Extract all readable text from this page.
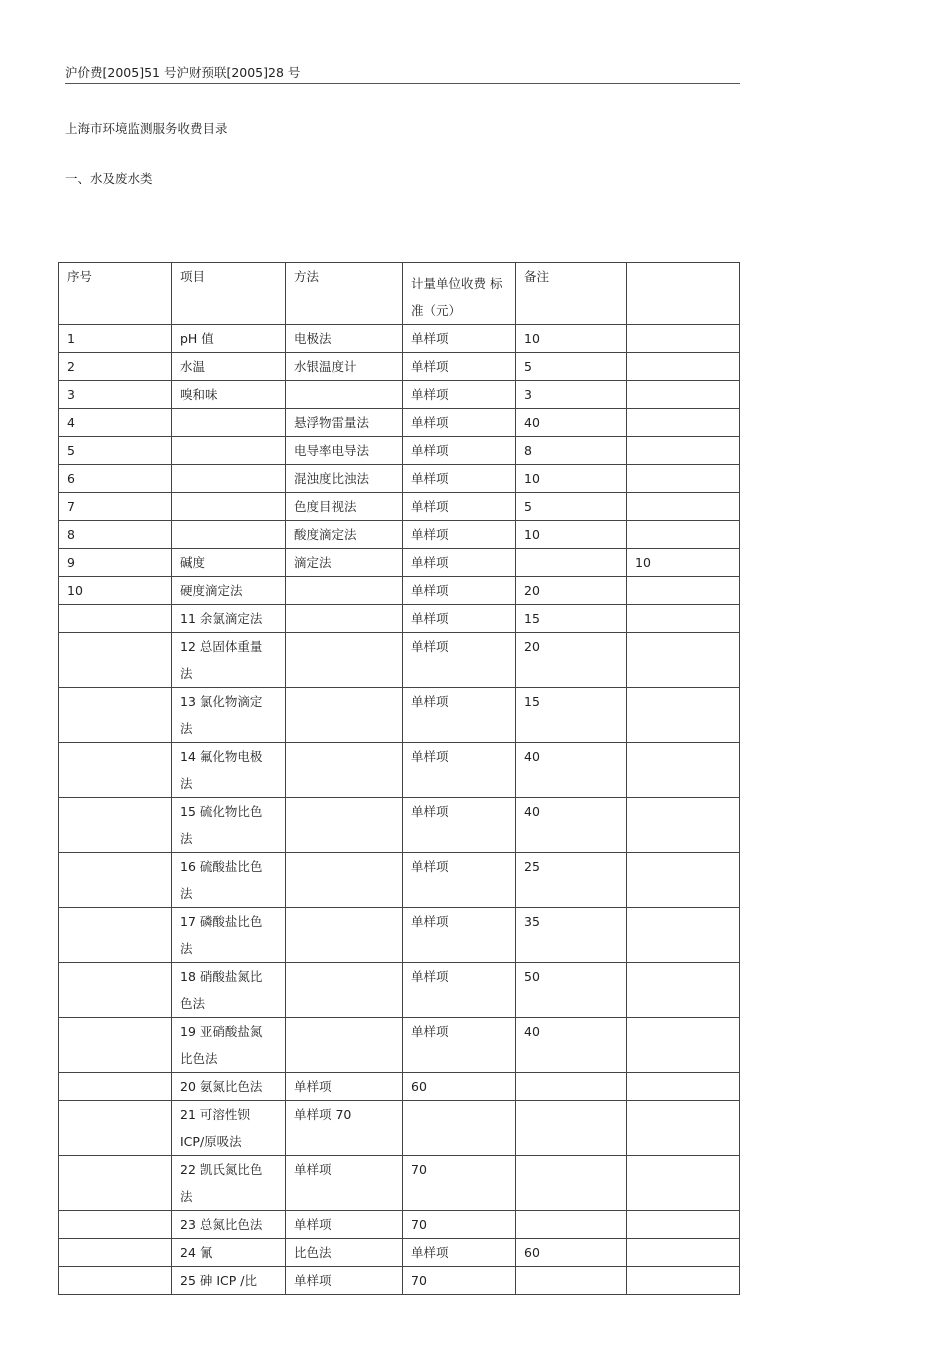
沪价费[2005]51 号沪财预联[2005]28 号
上海市环境监测服务收费目录
一、水及废水类
序号	项目	方法	计量单位收费 标准（元）	备注	
1	pH 值	电极法	单样项	10	
2	水温	水银温度计	单样项	5	
3	嗅和味		单样项	3	
4		悬浮物雷量法	单样项	40	
5		电导率电导法	单样项	8	
6		混浊度比浊法	单样项	10	
7		色度目视法	单样项	5	
8		酸度滴定法	单样项	10	
9	碱度	滴定法	单样项		10
10	硬度滴定法		单样项	20	
	11 余氯滴定法		单样项	15	
	12 总固体重量 法		单样项	20	
	13 氯化物滴定 法		单样项	15	
	14 氟化物电极 法		单样项	40	
	15 硫化物比色 法		单样项	40	
	16 硫酸盐比色 法		单样项	25	
	17 磷酸盐比色 法		单样项	35	
	18 硝酸盐氮比 色法		单样项	50	
	19 亚硝酸盐氮 比色法		单样项	40	
	20 氨氮比色法	单样项	60		
	21 可溶性钡 ICP/原吸法	单样项 70			
	22 凯氏氮比色 法	单样项	70		
	23 总氮比色法	单样项	70		
	24 氰	比色法	单样项	60	
	25 砷 ICP /比	单样项	70		
